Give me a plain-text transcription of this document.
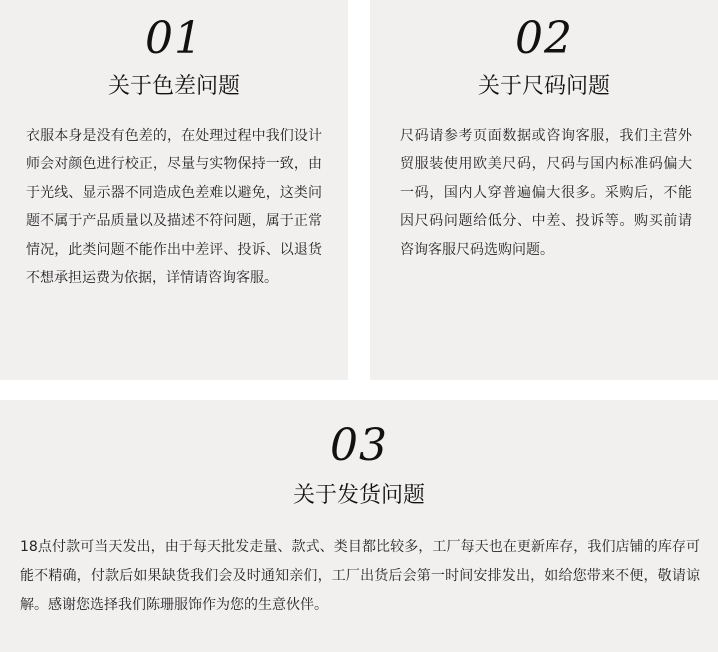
01
关于色差问题
衣服本身是没有色差的，在处理过程中我们设计师会对颜色进行校正，尽量与实物保持一致，由于光线、显示器不同造成色差难以避免，这类问题不属于产品质量以及描述不符问题，属于正常情况，此类问题不能作出中差评、投诉、以退货不想承担运费为依据，详情请咨询客服。
02
关于尺码问题
尺码请参考页面数据或咨询客服，我们主营外贸服装使用欧美尺码，尺码与国内标准码偏大一码，国内人穿普遍偏大很多。采购后，不能因尺码问题给低分、中差、投诉等。购买前请咨询客服尺码选购问题。
03
关于发货问题
18点付款可当天发出，由于每天批发走量、款式、类目都比较多，工厂每天也在更新库存，我们店铺的库存可能不精确，付款后如果缺货我们会及时通知亲们，工厂出货后会第一时间安排发出，如给您带来不便，敬请谅解。感谢您选择我们陈珊服饰作为您的生意伙伴。
